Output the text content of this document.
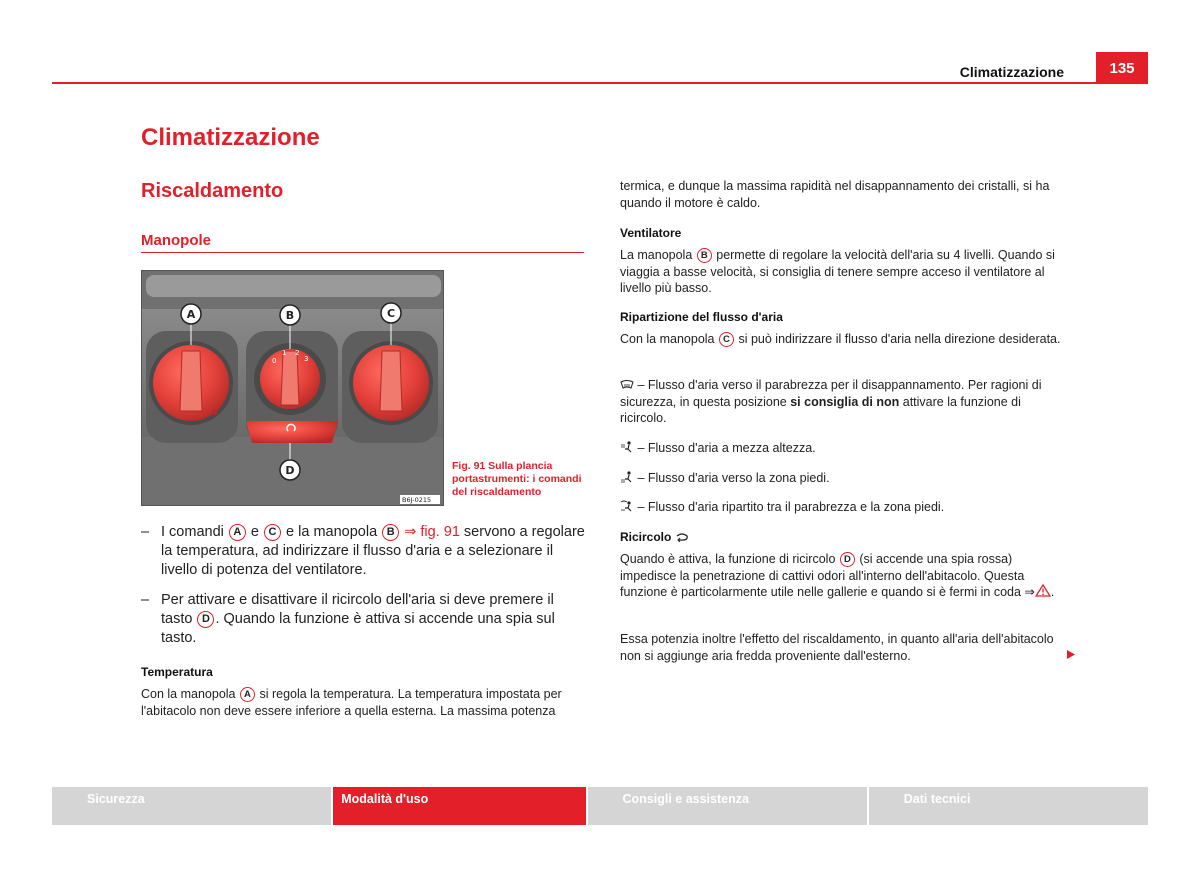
Climatizzazione	135
Climatizzazione
Riscaldamento
Manopole
0
1 2
3
A	B	C
D
B6J-0215
Fig. 91 Sulla plancia portastrumenti: i comandi del riscaldamento
– I comandi A e C e la manopola B ⇒ fig. 91 servono a regolare la temperatura, ad indirizzare il flusso d'aria e a selezionare il livello di potenza del ventilatore.
– Per attivare e disattivare il ricircolo dell'aria si deve premere il tasto D . Quando la funzione è attiva si accende una spia sul tasto.
Temperatura
Con la manopola A si regola la temperatura. La temperatura impostata per l'abitacolo non deve essere inferiore a quella esterna. La massima potenza
termica, e dunque la massima rapidità nel disappannamento dei cristalli, si ha quando il motore è caldo.
Ventilatore
La manopola B permette di regolare la velocità dell'aria su 4 livelli. Quando si viaggia a basse velocità, si consiglia di tenere sempre acceso il ventilatore al livello più basso.
Ripartizione del flusso d'aria
Con la manopola C si può indirizzare il flusso d'aria nella direzione desiderata.
– Flusso d'aria verso il parabrezza per il disappannamento. Per ragioni di sicurezza, in questa posizione si consiglia di non attivare la funzione di ricircolo.
– Flusso d'aria a mezza altezza.
– Flusso d'aria verso la zona piedi.
– Flusso d'aria ripartito tra il parabrezza e la zona piedi.
Ricircolo
Quando è attiva, la funzione di ricircolo D (si accende una spia rossa) impedisce la penetrazione di cattivi odori all'interno dell'abitacolo. Questa funzione è particolarmente utile nelle gallerie e quando si è fermi in coda ⇒ .
Essa potenzia inoltre l'effetto del riscaldamento, in quanto all'aria dell'abitacolo non si aggiunge aria fredda proveniente dall'esterno.
Sicurezza	Modalità d'uso	Consigli e assistenza	Dati tecnici
